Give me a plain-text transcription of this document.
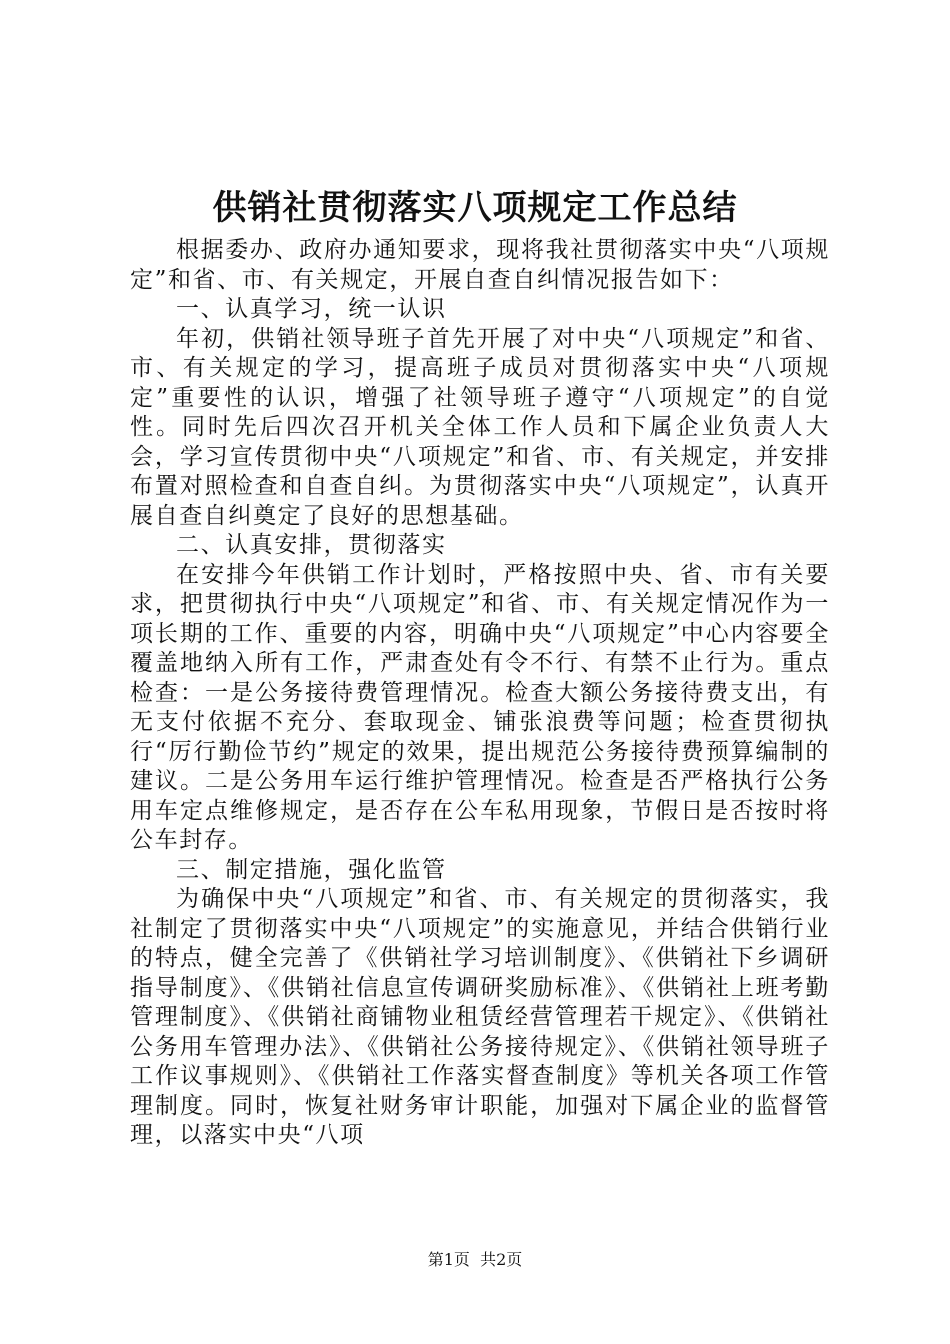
供销社贯彻落实八项规定工作总结

根据委办、政府办通知要求，现将我社贯彻落实中央“八项规定”和省、市、有关规定，开展自查自纠情况报告如下：

一、认真学习，统一认识

年初，供销社领导班子首先开展了对中央“八项规定”和省、市、有关规定的学习，提高班子成员对贯彻落实中央“八项规定”重要性的认识，增强了社领导班子遵守“八项规定”的自觉性。同时先后四次召开机关全体工作人员和下属企业负责人大会，学习宣传贯彻中央“八项规定”和省、市、有关规定，并安排布置对照检查和自查自纠。为贯彻落实中央“八项规定”，认真开展自查自纠奠定了良好的思想基础。

二、认真安排，贯彻落实

在安排今年供销工作计划时，严格按照中央、省、市有关要求，把贯彻执行中央“八项规定”和省、市、有关规定情况作为一项长期的工作、重要的内容，明确中央“八项规定”中心内容要全覆盖地纳入所有工作，严肃查处有令不行、有禁不止行为。重点检查：一是公务接待费管理情况。检查大额公务接待费支出，有无支付依据不充分、套取现金、铺张浪费等问题；检查贯彻执行“厉行勤俭节约”规定的效果，提出规范公务接待费预算编制的建议。二是公务用车运行维护管理情况。检查是否严格执行公务用车定点维修规定，是否存在公车私用现象，节假日是否按时将公车封存。

三、制定措施，强化监管

为确保中央“八项规定”和省、市、有关规定的贯彻落实，我社制定了贯彻落实中央“八项规定”的实施意见，并结合供销行业的特点，健全完善了《供销社学习培训制度》、《供销社下乡调研指导制度》、《供销社信息宣传调研奖励标准》、《供销社上班考勤管理制度》、《供销社商铺物业租赁经营管理若干规定》、《供销社公务用车管理办法》、《供销社公务接待规定》、《供销社领导班子工作议事规则》、《供销社工作落实督查制度》等机关各项工作管理制度。同时，恢复社财务审计职能，加强对下属企业的监督管理，以落实中央“八项

第1页 共2页
